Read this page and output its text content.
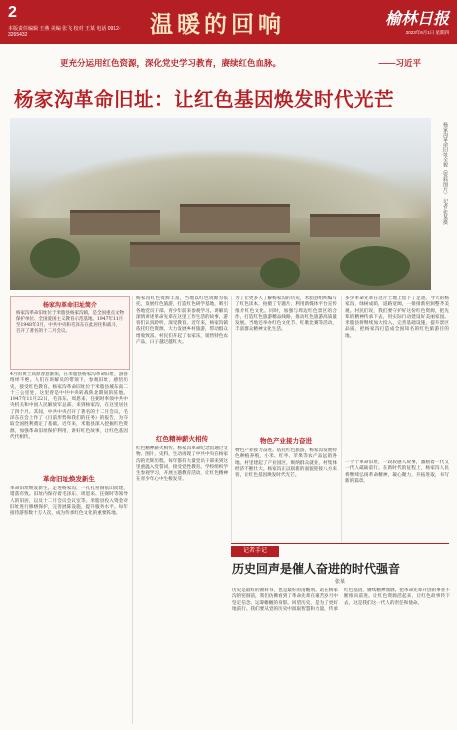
2
本版责任编辑 王燕 美编 张飞 校对 王某 电话 0912-3265432	温暖的回响	榆林日报
2023年6月1日 星期四
更充分运用红色资源，深化党史学习教育，赓续红色血脉。	——习近平
杨家沟革命旧址：让红色基因焕发时代光芒
杨家沟革命旧址全貌（资料图片） 记者 张某摄
杨家沟革命旧址简介
杨家沟革命旧址位于米脂县杨家沟镇，是全国重点文物保护单位、全国爱国主义教育示范基地。1947年11月至1948年3月，中共中央和毛泽东在此居住和战斗，召开了著名的十二月会议。
4月的黄土高原春意渐浓，在米脂县杨家沟革命旧址，游客络绎不绝。人们在讲解员的带领下，参观旧址，感悟历史，接受红色教育。杨家沟革命旧址位于米脂县城东南二十三公里处，这里曾是中共中央转战陕北期间的驻地。1947年11月22日，毛泽东、周恩来、任弼时率领中共中央机关和中国人民解放军总部，来到杨家沟，在这里居住了四个月。其间，中共中央召开了著名的十二月会议，毛泽东在会上作了《目前形势和我们的任务》的报告，为夺取全国胜利奠定了基础。近年来，米脂县深入挖掘红色资源，加强革命旧址保护利用，讲好红色故事，让红色基因代代相传。
革命旧址焕发新生
革命旧址焕发新生。走进杨家沟，一孔孔窑洞依山而建，错落有致。旧址内保存着毛泽东、周恩来、任弼时等领导人的旧居，以及十二月会议会议室等。米脂县投入资金对旧址进行修缮保护，完善展陈设施，提升服务水平。每年接待游客数十万人次，成为传承红色文化的重要阵地。
杨家沟红色资源丰富，当地以红色资源为依托，发展红色旅游，打造红色研学基地，吸引各地党员干部、青少年前来参观学习。讲解员深情讲述革命先辈在这里工作生活的故事，游客们认真聆听，深受教育。近年来，杨家沟镇依托红色资源，大力发展乡村旅游，带动群众增收致富。村民们开起了农家乐，销售特色农产品，日子越过越红火。
红色精神薪火相传
红色精神薪火相传。杨家沟革命纪念馆通过文物、图片、史料，生动再现了中共中央在杨家沟的光辉历程。每年都有大量党员干部来到这里重温入党誓词，接受党性教育。学校组织学生参观学习，开展主题教育活动，让红色精神在青少年心中生根发芽。
为了让更多人了解杨家沟的历史，米脂县组织编写了红色读本，拍摄了专题片，利用新媒体平台宣传推介红色文化。同时，加强与周边红色景区的合作，打造红色旅游精品线路，推动红色旅游高质量发展。当地还举办红色文化节、红歌比赛等活动，丰富群众精神文化生活。
物色产业接力奋进
物色产业接力奋进。依托红色旅游，杨家沟发展特色种植养殖，小米、红枣、苹果等农产品远销各地。村里建起了产业园区，吸纳群众就业，村集体经济不断壮大。杨家沟正以崭新的面貌迎接八方来客，让红色基因焕发时代光芒。
多少革命先辈在这片土地上留下了足迹。今天的杨家沟，绿树成荫，道路宽阔，一排排新窑洞整齐美观。村民们说，我们要守护好这份红色资源，把先辈的精神传承下去，用实际行动建设好美丽家园。米脂县将继续加大投入，完善基础设施，提升景区品质，把杨家沟打造成全国知名的红色旅游目的地。
一个个革命旧址，一段段感人故事，激励着一代又一代人砥砺前行。在新时代的征程上，杨家沟人民将继续弘扬革命精神，凝心聚力，开拓进取，书写新的篇章。
记者手记
历史回声是催人奋进的时代强音
张某
历史是最好的教科书，也是最好的清醒剂。站在杨家沟的窑洞前，我们仿佛看到了革命先辈在艰苦岁月中坚定信念、运筹帷幄的身影。回望历史，是为了更好地前行。我们要从党的历史中汲取智慧和力量，传承红色基因，赓续精神血脉，把革命先辈开创的事业不断推向前进。让红色资源活起来，让红色故事传下去，这是我们这一代人的责任和使命。
